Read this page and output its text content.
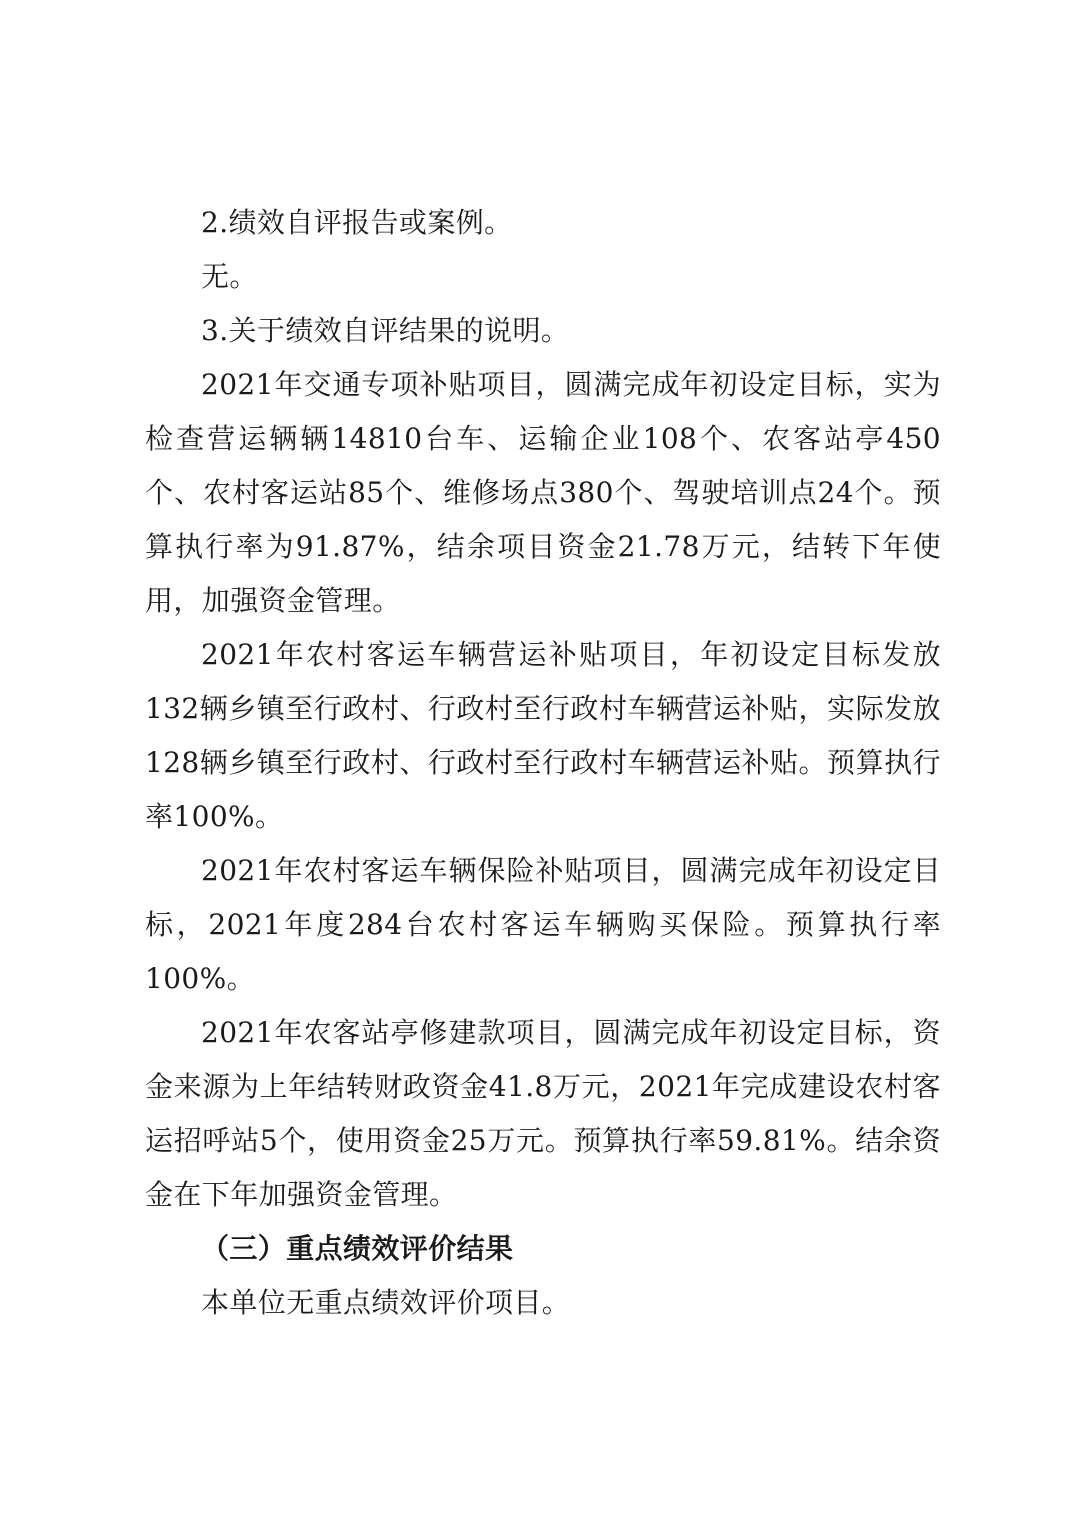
2.绩效自评报告或案例。

无。

3.关于绩效自评结果的说明。

2021年交通专项补贴项目，圆满完成年初设定目标，实为检查营运辆辆14810台车、运输企业108个、农客站亭450个、农村客运站85个、维修场点380个、驾驶培训点24个。预算执行率为91.87%，结余项目资金21.78万元，结转下年使用，加强资金管理。

2021年农村客运车辆营运补贴项目，年初设定目标发放132辆乡镇至行政村、行政村至行政村车辆营运补贴，实际发放128辆乡镇至行政村、行政村至行政村车辆营运补贴。预算执行率100%。

2021年农村客运车辆保险补贴项目，圆满完成年初设定目标，2021年度284台农村客运车辆购买保险。预算执行率100%。

2021年农客站亭修建款项目，圆满完成年初设定目标，资金来源为上年结转财政资金41.8万元，2021年完成建设农村客运招呼站5个，使用资金25万元。预算执行率59.81%。结余资金在下年加强资金管理。

（三）重点绩效评价结果

本单位无重点绩效评价项目。
